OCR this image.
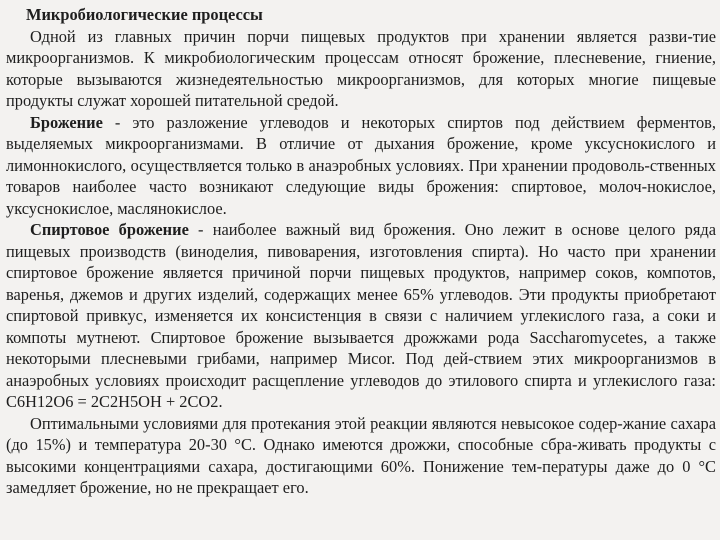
Микробиологические процессы

Одной из главных причин порчи пищевых продуктов при хранении является разви-тие микроорганизмов. К микробиологическим процессам относят брожение, плесневение, гниение, которые вызываются жизнедеятельностью микроорганизмов, для которых многие пищевые продукты служат хорошей питательной средой.

Брожение - это разложение углеводов и некоторых спиртов под действием ферментов, выделяемых микроорганизмами. В отличие от дыхания брожение, кроме уксуснокислого и лимоннокислого, осуществляется только в анаэробных условиях. При хранении продоволь-ственных товаров наиболее часто возникают следующие виды брожения: спиртовое, молоч-нокислое, уксуснокислое, маслянокислое.

Спиртовое брожение - наиболее важный вид брожения. Оно лежит в основе целого ряда пищевых производств (виноделия, пивоварения, изготовления спирта). Но часто при хранении спиртовое брожение является причиной порчи пищевых продуктов, например соков, компотов, варенья, джемов и других изделий, содержащих менее 65% углеводов. Эти продукты приобретают спиртовой привкус, изменяется их консистенция в связи с наличием углекислого газа, а соки и компоты мутнеют. Спиртовое брожение вызывается дрожжами рода Saccharomycetes, а также некоторыми плесневыми грибами, например Мисоr. Под дей-ствием этих микроорганизмов в анаэробных условиях происходит расщепление углеводов до этилового спирта и углекислого газа: С6Н12О6 = 2С2Н5ОН + 2СО2.

Оптимальными условиями для протекания этой реакции являются невысокое содер-жание сахара (до 15%) и температура 20-30 °С. Однако имеются дрожжи, способные сбра-живать продукты с высокими концентрациями сахара, достигающими 60%. Понижение тем-пературы даже до 0 °С замедляет брожение, но не прекращает его.
